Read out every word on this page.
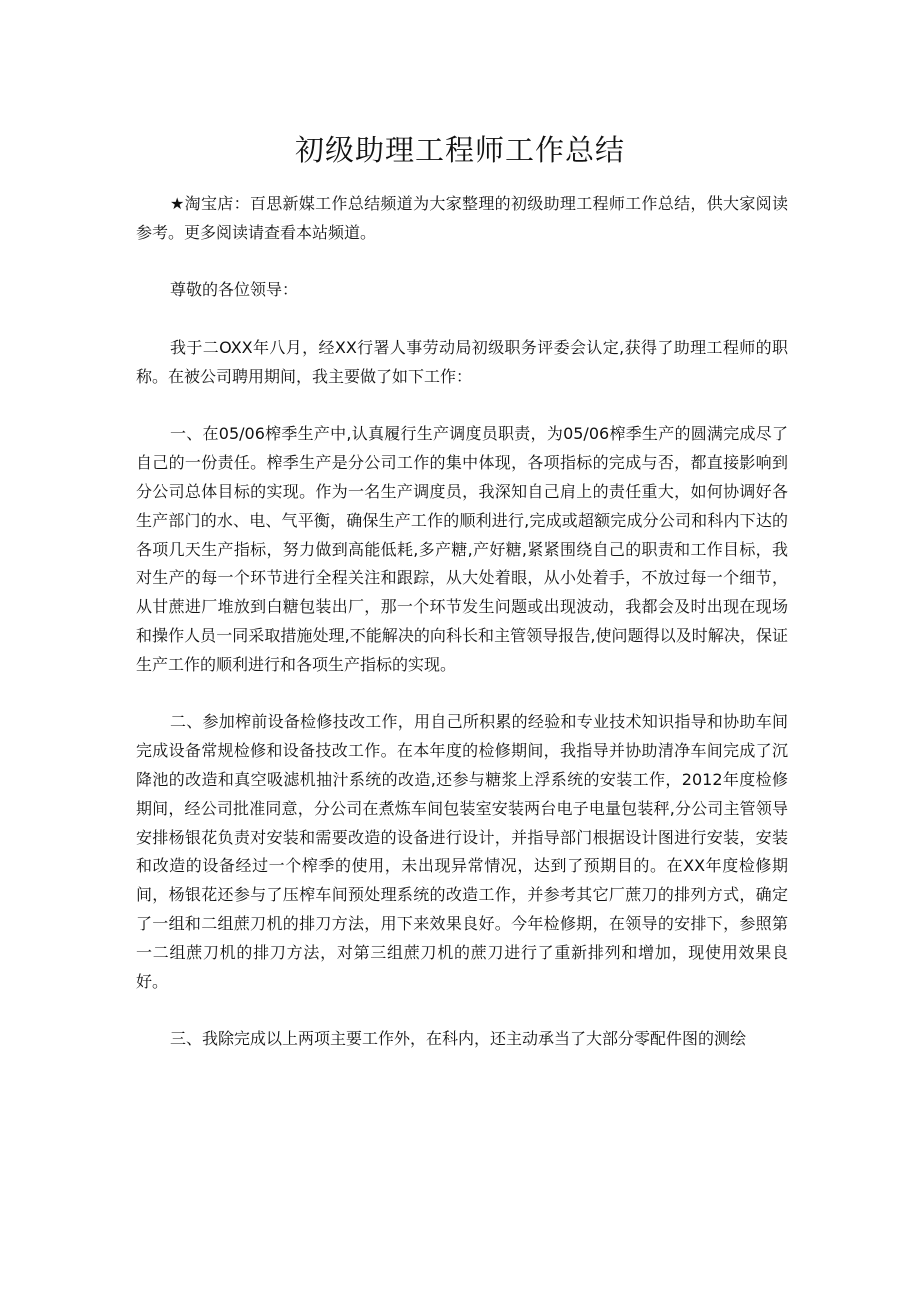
初级助理工程师工作总结

★淘宝店：百思新媒工作总结频道为大家整理的初级助理工程师工作总结，供大家阅读参考。更多阅读请查看本站频道。

尊敬的各位领导：

我于二OXX年八月，经XX行署人事劳动局初级职务评委会认定,获得了助理工程师的职称。在被公司聘用期间，我主要做了如下工作：

一、在05/06榨季生产中,认真履行生产调度员职责，为05/06榨季生产的圆满完成尽了自己的一份责任。榨季生产是分公司工作的集中体现，各项指标的完成与否，都直接影响到分公司总体目标的实现。作为一名生产调度员，我深知自己肩上的责任重大，如何协调好各生产部门的水、电、气平衡，确保生产工作的顺利进行,完成或超额完成分公司和科内下达的各项几天生产指标，努力做到高能低耗,多产糖,产好糖,紧紧围绕自己的职责和工作目标，我对生产的每一个环节进行全程关注和跟踪，从大处着眼，从小处着手，不放过每一个细节，从甘蔗进厂堆放到白糖包装出厂，那一个环节发生问题或出现波动，我都会及时出现在现场和操作人员一同采取措施处理,不能解决的向科长和主管领导报告,使问题得以及时解决，保证生产工作的顺利进行和各项生产指标的实现。

二、参加榨前设备检修技改工作，用自己所积累的经验和专业技术知识指导和协助车间完成设备常规检修和设备技改工作。在本年度的检修期间，我指导并协助清净车间完成了沉降池的改造和真空吸滤机抽汁系统的改造,还参与糖浆上浮系统的安装工作，2012年度检修期间，经公司批准同意，分公司在煮炼车间包装室安装两台电子电量包装秤,分公司主管领导安排杨银花负责对安装和需要改造的设备进行设计，并指导部门根据设计图进行安装，安装和改造的设备经过一个榨季的使用，未出现异常情况，达到了预期目的。在XX年度检修期间，杨银花还参与了压榨车间预处理系统的改造工作，并参考其它厂蔗刀的排列方式，确定了一组和二组蔗刀机的排刀方法，用下来效果良好。今年检修期，在领导的安排下，参照第一二组蔗刀机的排刀方法，对第三组蔗刀机的蔗刀进行了重新排列和增加，现使用效果良好。

三、我除完成以上两项主要工作外，在科内，还主动承当了大部分零配件图的测绘
